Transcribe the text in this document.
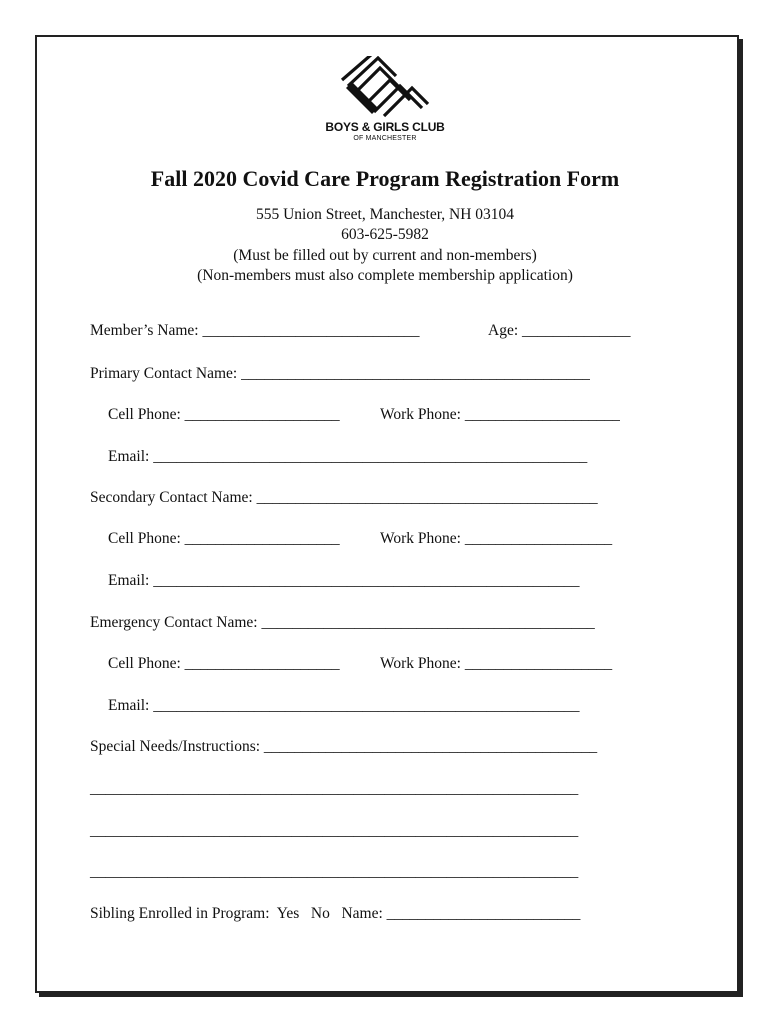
BOYS & GIRLS CLUB
OF MANCHESTER
Fall 2020 Covid Care Program Registration Form
555 Union Street, Manchester, NH 03104
603-625-5982
(Must be filled out by current and non-members)
(Non-members must also complete membership application)
Member’s Name: ____________________________	Age: ______________
Primary Contact Name: _____________________________________________
Cell Phone: ____________________	Work Phone: ____________________
Email: ________________________________________________________
Secondary Contact Name: ____________________________________________
Cell Phone: ____________________	Work Phone: ___________________
Email: _______________________________________________________
Emergency Contact Name: ___________________________________________
Cell Phone: ____________________	Work Phone: ___________________
Email: _______________________________________________________
Special Needs/Instructions: ___________________________________________
_______________________________________________________________
_______________________________________________________________
_______________________________________________________________
Sibling Enrolled in Program:  Yes   No   Name: _________________________
